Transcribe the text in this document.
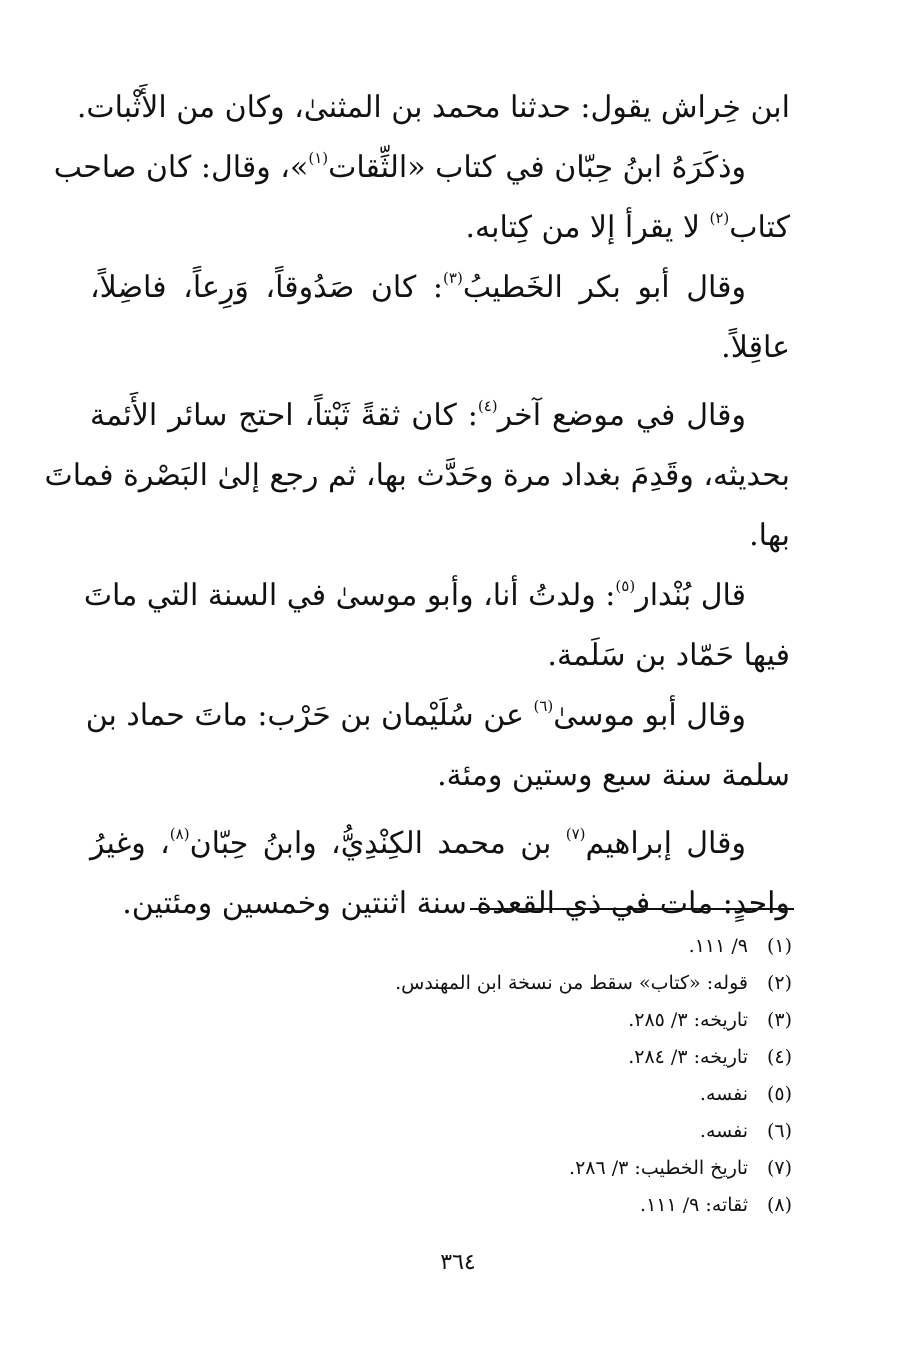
ابن خِراش يقول: حدثنا محمد بن المثنىٰ، وكان من الأَثْبات.
وذكَرَهُ ابنُ حِبّان في كتاب «الثِّقات$^{(١)}$»، وقال: كان صاحب
كتاب$^{(٢)}$ لا يقرأ إلا من كِتابه.
وقال أبو بكر الخَطيبُ$^{(٣)}$: كان صَدُوقاً، وَرِعاً، فاضِلاً،
عاقِلاً.
وقال في موضع آخر$^{(٤)}$: كان ثقةً ثَبْتاً، احتج سائر الأَئمة
بحديثه، وقَدِمَ بغداد مرة وحَدَّث بها، ثم رجع إلىٰ البَصْرة فماتَ
بها.
قال بُنْدار$^{(٥)}$: ولدتُ أنا، وأبو موسىٰ في السنة التي ماتَ
فيها حَمّاد بن سَلَمة.
وقال أبو موسىٰ$^{(٦)}$ عن سُلَيْمان بن حَرْب: ماتَ حماد بن
سلمة سنة سبع وستين ومئة.
وقال إبراهيم$^{(٧)}$ بن محمد الكِنْدِيُّ، وابنُ حِبّان$^{(٨)}$، وغيرُ
واحدٍ: مات في ذي القعدة سنة اثنتين وخمسين ومئتين.
(١)٩/ ١١١.
(٢)قوله: «كتاب» سقط من نسخة ابن المهندس.
(٣)تاريخه: ٣/ ٢٨٥.
(٤)تاريخه: ٣/ ٢٨٤.
(٥)نفسه.
(٦)نفسه.
(٧)تاريخ الخطيب: ٣/ ٢٨٦.
(٨)ثقاته: ٩/ ١١١.
٣٦٤
